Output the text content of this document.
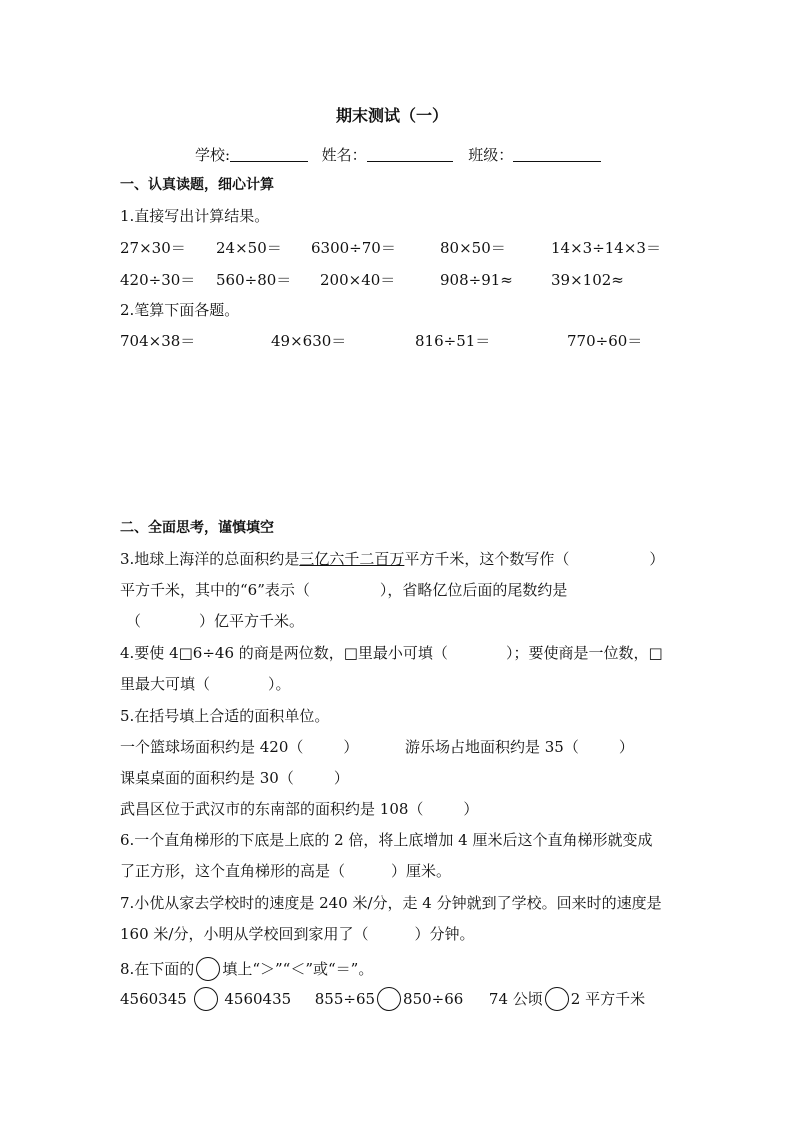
期末测试（一）
学校:	姓名：	班级：
一、认真读题，细心计算
1.直接写出计算结果。
27×30＝ 24×50＝ 6300÷70＝	80×50＝	14×3÷14×3＝
420÷30＝ 560÷80＝ 200×40＝	908÷91≈	39×102≈
2.笔算下面各题。
704×38＝	49×630＝	816÷51＝	770÷60＝
二、全面思考，谨慎填空
3.地球上海洋的总面积约是三亿六千二百万平方千米，这个数写作（	）
平方千米，其中的“6”表示（	），省略亿位后面的尾数约是
（	）亿平方千米。
4.要使 4□6÷46 的商是两位数，□里最小可填（	）；要使商是一位数，□
里最大可填（	）。
5.在括号填上合适的面积单位。
一个篮球场面积约是 420（	）	游乐场占地面积约是 35（	）
课桌桌面的面积约是 30（	）
武昌区位于武汉市的东南部的面积约是 108（	）
6.一个直角梯形的下底是上底的 2 倍，将上底增加 4 厘米后这个直角梯形就变成
了正方形，这个直角梯形的高是（	）厘米。
7.小优从家去学校时的速度是 240 米/分，走 4 分钟就到了学校。回来时的速度是
160 米/分，小明从学校回到家用了（	）分钟。
8.在下面的 填上“＞”“＜”或“＝”。
4560345	4560435 855÷65 850÷66 74 公顷 2 平方千米
